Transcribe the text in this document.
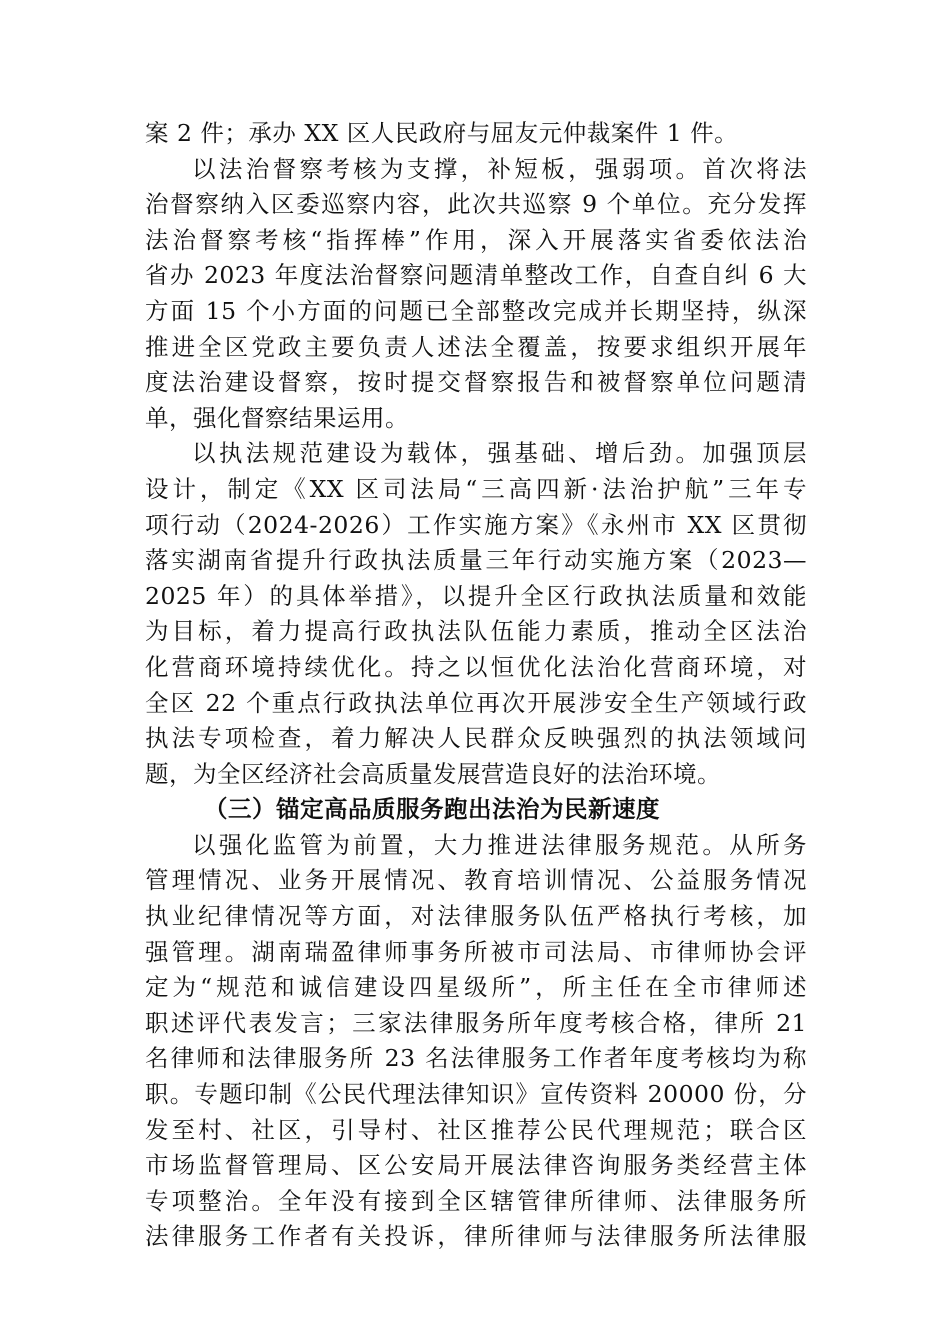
案 2 件；承办 XX 区人民政府与屈友元仲裁案件 1 件。
以法治督察考核为支撑，补短板，强弱项。首次将法
治督察纳入区委巡察内容，此次共巡察 9 个单位。充分发挥
法治督察考核“指挥棒”作用，深入开展落实省委依法治
省办 2023 年度法治督察问题清单整改工作，自查自纠 6 大
方面 15 个小方面的问题已全部整改完成并长期坚持，纵深
推进全区党政主要负责人述法全覆盖，按要求组织开展年
度法治建设督察，按时提交督察报告和被督察单位问题清
单，强化督察结果运用。
以执法规范建设为载体，强基础、增后劲。加强顶层
设计，制定《XX 区司法局“三高四新·法治护航”三年专
项行动（2024-2026）工作实施方案》《永州市 XX 区贯彻
落实湖南省提升行政执法质量三年行动实施方案（2023—
2025 年）的具体举措》，以提升全区行政执法质量和效能
为目标，着力提高行政执法队伍能力素质，推动全区法治
化营商环境持续优化。持之以恒优化法治化营商环境，对
全区 22 个重点行政执法单位再次开展涉安全生产领域行政
执法专项检查，着力解决人民群众反映强烈的执法领域问
题，为全区经济社会高质量发展营造良好的法治环境。
（三）锚定高品质服务跑出法治为民新速度
以强化监管为前置，大力推进法律服务规范。从所务
管理情况、业务开展情况、教育培训情况、公益服务情况
执业纪律情况等方面，对法律服务队伍严格执行考核，加
强管理。湖南瑞盈律师事务所被市司法局、市律师协会评
定为“规范和诚信建设四星级所”，所主任在全市律师述
职述评代表发言；三家法律服务所年度考核合格，律所 21
名律师和法律服务所 23 名法律服务工作者年度考核均为称
职。专题印制《公民代理法律知识》宣传资料 20000 份，分
发至村、社区，引导村、社区推荐公民代理规范；联合区
市场监督管理局、区公安局开展法律咨询服务类经营主体
专项整治。全年没有接到全区辖管律所律师、法律服务所
法律服务工作者有关投诉，律所律师与法律服务所法律服
